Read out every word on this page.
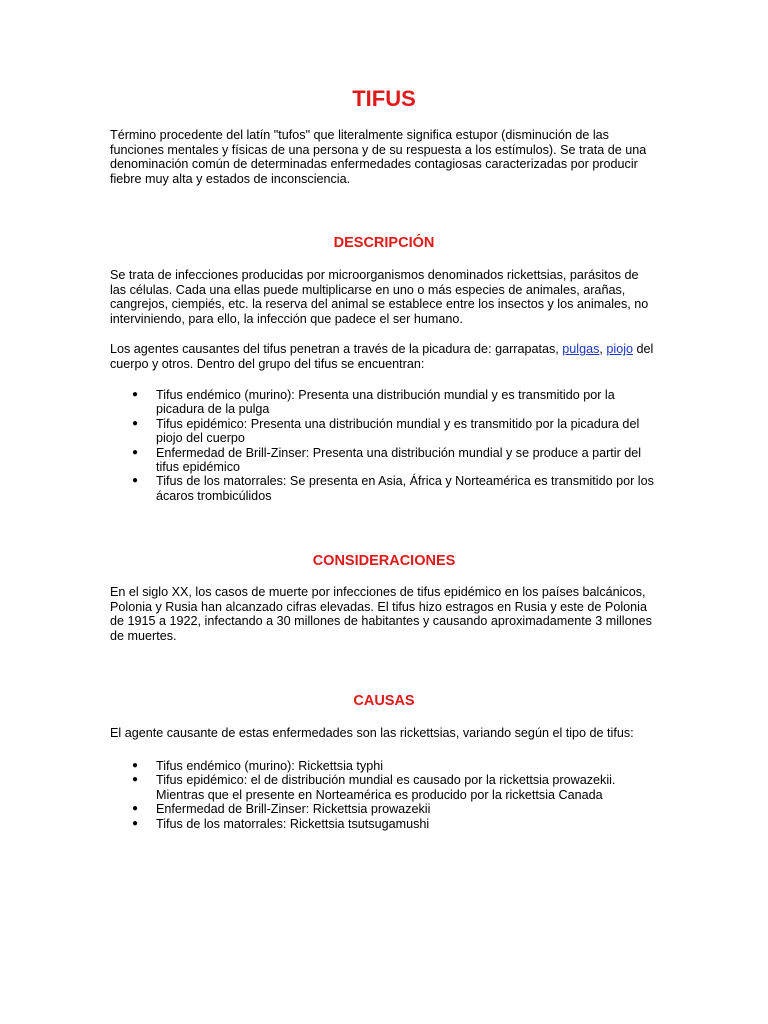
TIFUS

Término procedente del latín "tufos" que literalmente significa estupor (disminución de las funciones mentales y físicas de una persona y de su respuesta a los estímulos). Se trata de una denominación común de determinadas enfermedades contagiosas caracterizadas por producir fiebre muy alta y estados de inconsciencia.

DESCRIPCIÓN

Se trata de infecciones producidas por microorganismos denominados rickettsias, parásitos de las células. Cada una ellas puede multiplicarse en uno o más especies de animales, arañas, cangrejos, ciempiés, etc. la reserva del animal se establece entre los insectos y los animales, no interviniendo, para ello, la infección que padece el ser humano.

Los agentes causantes del tifus penetran a través de la picadura de: garrapatas, pulgas, piojo del cuerpo y otros. Dentro del grupo del tifus se encuentran:

● Tifus endémico (murino): Presenta una distribución mundial y es transmitido por la picadura de la pulga
● Tifus epidémico: Presenta una distribución mundial y es transmitido por la picadura del piojo del cuerpo
● Enfermedad de Brill-Zinser: Presenta una distribución mundial y se produce a partir del tifus epidémico
● Tifus de los matorrales: Se presenta en Asia, África y Norteamérica es transmitido por los ácaros trombicúlidos
CONSIDERACIONES

En el siglo XX, los casos de muerte por infecciones de tifus epidémico en los países balcánicos, Polonia y Rusia han alcanzado cifras elevadas. El tifus hizo estragos en Rusia y este de Polonia de 1915 a 1922, infectando a 30 millones de habitantes y causando aproximadamente 3 millones de muertes.

CAUSAS

El agente causante de estas enfermedades son las rickettsias, variando según el tipo de tifus:

● Tifus endémico (murino): Rickettsia typhi
● Tifus epidémico: el de distribución mundial es causado por la rickettsia prowazekii. Mientras que el presente en Norteamérica es producido por la rickettsia Canada
● Enfermedad de Brill-Zinser: Rickettsia prowazekii
● Tifus de los matorrales: Rickettsia tsutsugamushi
